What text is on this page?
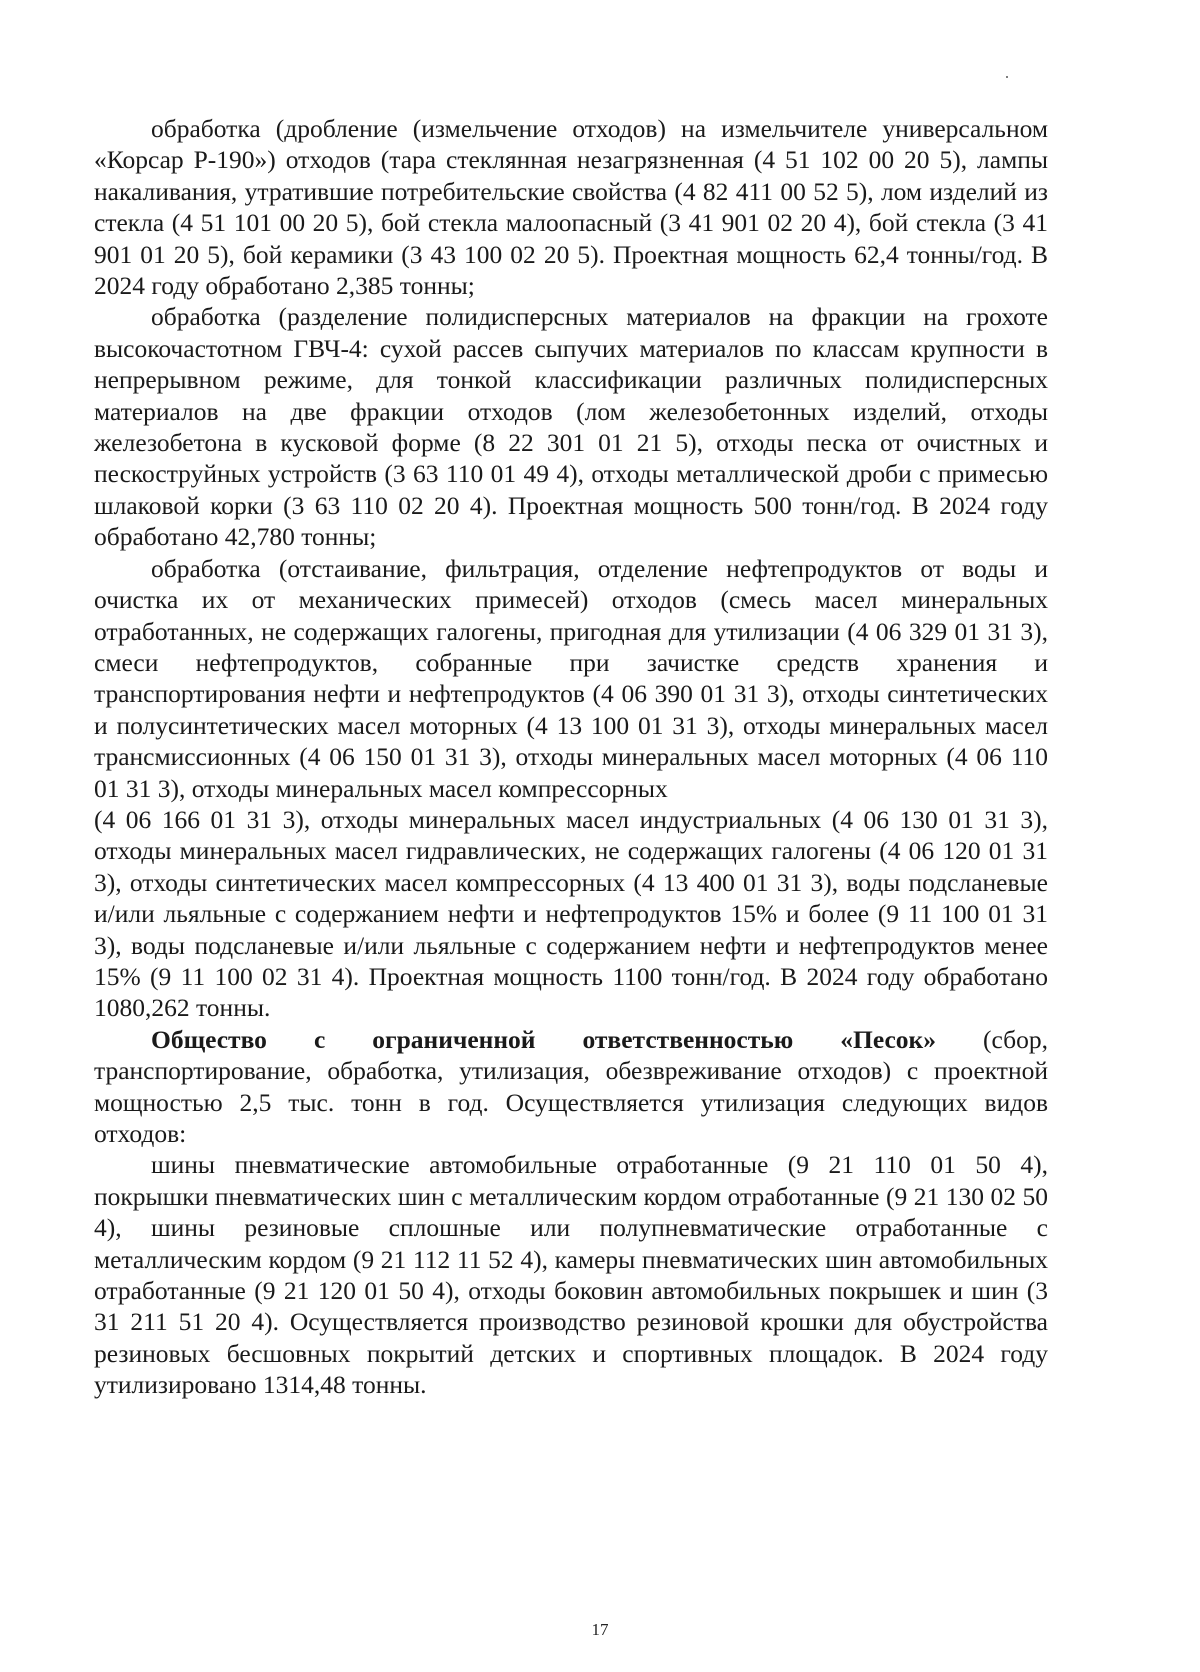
обработка (дробление (измельчение отходов) на измельчителе универсальном «Корсар Р-190») отходов (тара стеклянная незагрязненная (4 51 102 00 20 5), лампы накаливания, утратившие потребительские свойства (4 82 411 00 52 5), лом изделий из стекла (4 51 101 00 20 5), бой стекла малоопасный (3 41 901 02 20 4), бой стекла (3 41 901 01 20 5), бой керамики (3 43 100 02 20 5). Проектная мощность 62,4 тонны/год. В 2024 году обработано 2,385 тонны;

обработка (разделение полидисперсных материалов на фракции на грохоте высокочастотном ГВЧ-4: сухой рассев сыпучих материалов по классам крупности в непрерывном режиме, для тонкой классификации различных полидисперсных материалов на две фракции отходов (лом железобетонных изделий, отходы железобетона в кусковой форме (8 22 301 01 21 5), отходы песка от очистных и пескоструйных устройств (3 63 110 01 49 4), отходы металлической дроби с примесью шлаковой корки (3 63 110 02 20 4). Проектная мощность 500 тонн/год. В 2024 году обработано 42,780 тонны;

обработка (отстаивание, фильтрация, отделение нефтепродуктов от воды и очистка их от механических примесей) отходов (смесь масел минеральных отработанных, не содержащих галогены, пригодная для утилизации (4 06 329 01 31 3), смеси нефтепродуктов, собранные при зачистке средств хранения и транспортирования нефти и нефтепродуктов (4 06 390 01 31 3), отходы синтетических и полусинтетических масел моторных (4 13 100 01 31 3), отходы минеральных масел трансмиссионных (4 06 150 01 31 3), отходы минеральных масел моторных (4 06 110 01 31 3), отходы минеральных масел компрессорных

(4 06 166 01 31 3), отходы минеральных масел индустриальных (4 06 130 01 31 3), отходы минеральных масел гидравлических, не содержащих галогены (4 06 120 01 31 3), отходы синтетических масел компрессорных (4 13 400 01 31 3), воды подсланевые и/или льяльные с содержанием нефти и нефтепродуктов 15% и более (9 11 100 01 31 3), воды подсланевые и/или льяльные с содержанием нефти и нефтепродуктов менее 15% (9 11 100 02 31 4). Проектная мощность 1100 тонн/год. В 2024 году обработано 1080,262 тонны.

Общество с ограниченной ответственностью «Песок» (сбор, транспортирование, обработка, утилизация, обезвреживание отходов) с проектной мощностью 2,5 тыс. тонн в год. Осуществляется утилизация следующих видов отходов:

шины пневматические автомобильные отработанные (9 21 110 01 50 4), покрышки пневматических шин с металлическим кордом отработанные (9 21 130 02 50 4), шины резиновые сплошные или полупневматические отработанные с металлическим кордом (9 21 112 11 52 4), камеры пневматических шин автомобильных отработанные (9 21 120 01 50 4), отходы боковин автомобильных покрышек и шин (3 31 211 51 20 4). Осуществляется производство резиновой крошки для обустройства резиновых бесшовных покрытий детских и спортивных площадок. В 2024 году утилизировано 1314,48 тонны.

17
